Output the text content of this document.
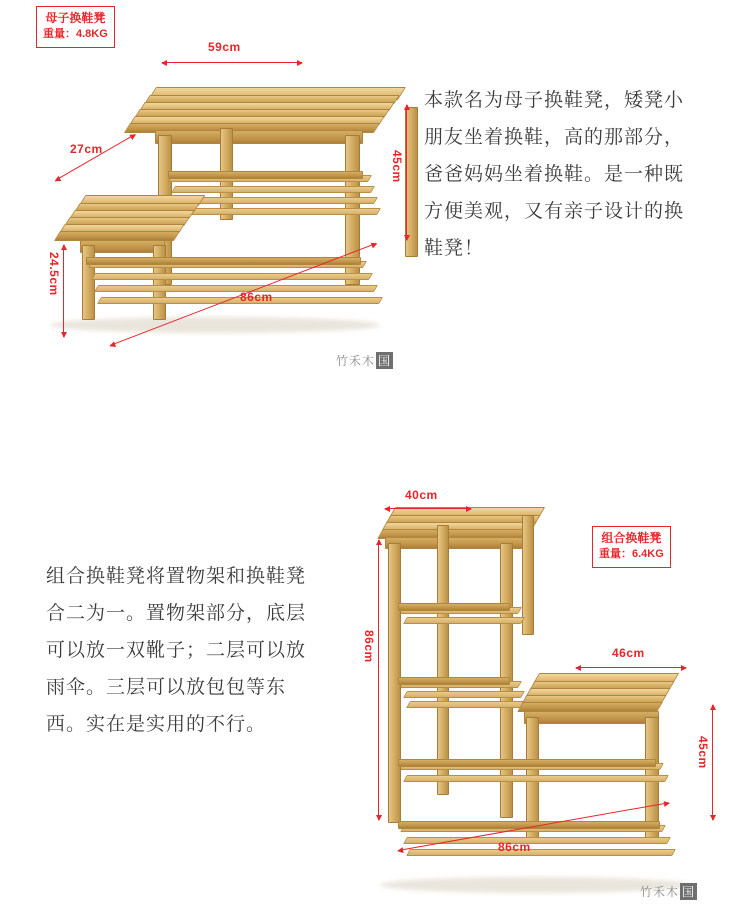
母子换鞋凳
重量：4.8KG
59cm
27cm
45cm
24.5cm
86cm
本款名为母子换鞋凳，矮凳小朋友坐着换鞋，高的那部分，爸爸妈妈坐着换鞋。是一种既方便美观，又有亲子设计的换鞋凳！
竹禾木 国
组合换鞋凳
重量：6.4KG
40cm
86cm	46cm
45cm
86cm
组合换鞋凳将置物架和换鞋凳合二为一。置物架部分，底层可以放一双靴子；二层可以放雨伞。三层可以放包包等东西。实在是实用的不行。
竹禾木 国
